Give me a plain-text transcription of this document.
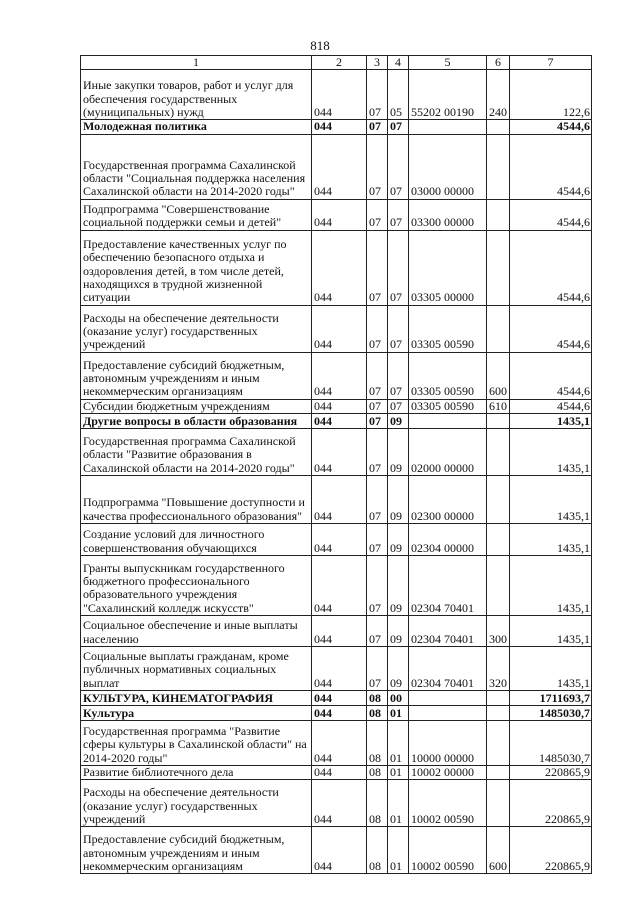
818
1	2	3	4	5	6	7
Иные закупки товаров, работ и услуг для обеспечения государственных (муниципальных) нужд	044	07	05	55202 00190	240	122,6
Молодежная политика	044	07	07			4544,6
Государственная программа Сахалинской области "Социальная поддержка населения Сахалинской области на 2014-2020 годы"	044	07	07	03000 00000		4544,6
Подпрограмма "Совершенствование социальной поддержки семьи и детей"	044	07	07	03300 00000		4544,6
Предоставление качественных услуг по обеспечению безопасного отдыха и оздоровления детей, в том числе детей, находящихся в трудной жизненной ситуации	044	07	07	03305 00000		4544,6
Расходы на обеспечение деятельности (оказание услуг) государственных учреждений	044	07	07	03305 00590		4544,6
Предоставление субсидий бюджетным, автономным учреждениям и иным некоммерческим организациям	044	07	07	03305 00590	600	4544,6
Субсидии бюджетным учреждениям	044	07	07	03305 00590	610	4544,6
Другие вопросы в области образования	044	07	09			1435,1
Государственная программа Сахалинской области "Развитие образования в Сахалинской области на 2014-2020 годы"	044	07	09	02000 00000		1435,1
Подпрограмма "Повышение доступности и качества профессионального образования"	044	07	09	02300 00000		1435,1
Создание условий для личностного совершенствования обучающихся	044	07	09	02304 00000		1435,1
Гранты выпускникам государственного бюджетного профессионального образовательного учреждения "Сахалинский колледж искусств"	044	07	09	02304 70401		1435,1
Социальное обеспечение и иные выплаты населению	044	07	09	02304 70401	300	1435,1
Социальные выплаты гражданам, кроме публичных нормативных социальных выплат	044	07	09	02304 70401	320	1435,1
КУЛЬТУРА, КИНЕМАТОГРАФИЯ	044	08	00			1711693,7
Культура	044	08	01			1485030,7
Государственная программа "Развитие сферы культуры в Сахалинской области" на 2014-2020 годы"	044	08	01	10000 00000		1485030,7
Развитие библиотечного дела	044	08	01	10002 00000		220865,9
Расходы на обеспечение деятельности (оказание услуг) государственных учреждений	044	08	01	10002 00590		220865,9
Предоставление субсидий бюджетным, автономным учреждениям и иным некоммерческим организациям	044	08	01	10002 00590	600	220865,9
